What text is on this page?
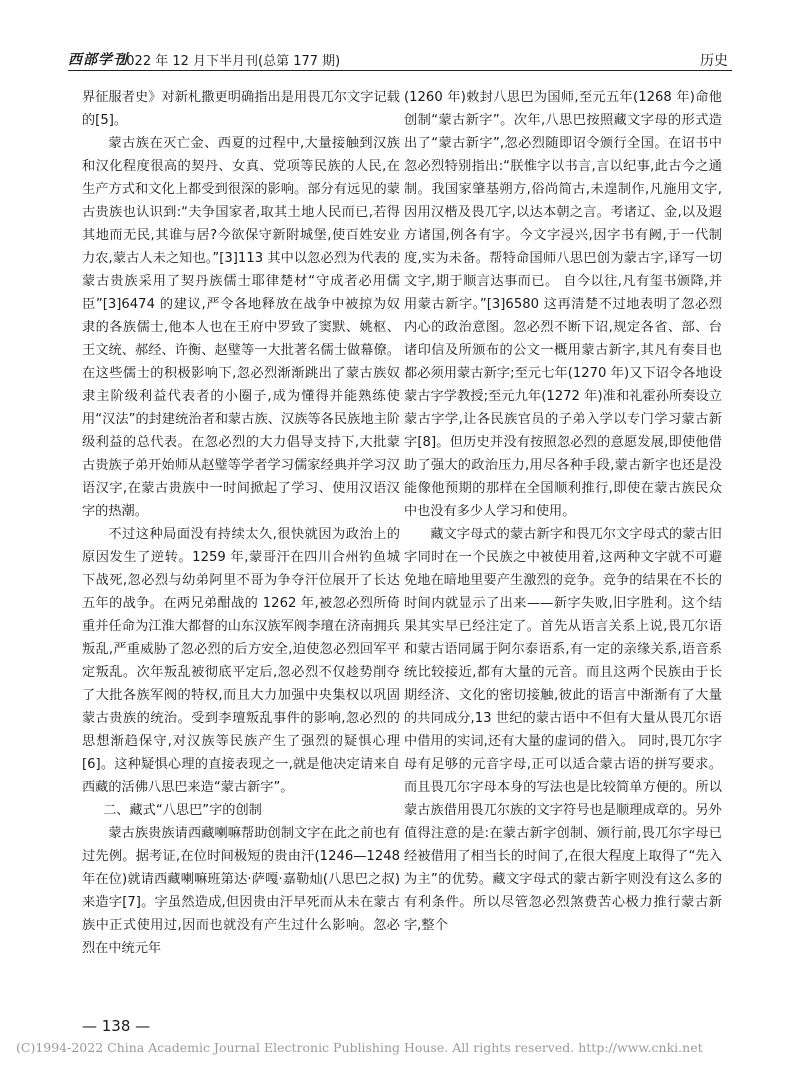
西部学刊
2022 年 12 月下半月刊(总第 177 期)	历史

界征服者史》对新札撒更明确指出是用畏兀尔文字记载的[5]。

蒙古族在灭亡金、西夏的过程中,大量接触到汉族和汉化程度很高的契丹、女真、党项等民族的人民,在生产方式和文化上都受到很深的影响。部分有远见的蒙古贵族也认识到:“夫争国家者,取其土地人民而已,若得其地而无民,其谁与居?今欲保守新附城堡,使百姓安业力农,蒙古人未之知也。”[3]113 其中以忽必烈为代表的蒙古贵族采用了契丹族儒士耶律楚材“守成者必用儒臣”[3]6474 的建议,严令各地释放在战争中被掠为奴隶的各族儒士,他本人也在王府中罗致了窦默、姚枢、王文统、郝经、许衡、赵璧等一大批著名儒士做幕僚。在这些儒士的积极影响下,忽必烈渐渐跳出了蒙古族奴隶主阶级利益代表者的小圈子,成为懂得并能熟练使用“汉法”的封建统治者和蒙古族、汉族等各民族地主阶级利益的总代表。在忽必烈的大力倡导支持下,大批蒙古贵族子弟开始师从赵璧等学者学习儒家经典并学习汉语汉字,在蒙古贵族中一时间掀起了学习、使用汉语汉字的热潮。

不过这种局面没有持续太久,很快就因为政治上的原因发生了逆转。1259 年,蒙哥汗在四川合州钓鱼城下战死,忽必烈与幼弟阿里不哥为争夺汗位展开了长达五年的战争。在两兄弟酣战的 1262 年,被忽必烈所倚重并任命为江淮大都督的山东汉族军阀李璮在济南拥兵叛乱,严重威胁了忽必烈的后方安全,迫使忽必烈回军平定叛乱。次年叛乱被彻底平定后,忽必烈不仅趁势削夺了大批各族军阀的特权,而且大力加强中央集权以巩固蒙古贵族的统治。受到李璮叛乱事件的影响,忽必烈的思想渐趋保守,对汉族等民族产生了强烈的疑惧心理[6]。这种疑惧心理的直接表现之一,就是他决定请来自西藏的活佛八思巴来造“蒙古新字”。

二、藏式“八思巴”字的创制

蒙古族贵族请西藏喇嘛帮助创制文字在此之前也有过先例。据考证,在位时间极短的贵由汗(1246—1248 年在位)就请西藏喇嘛班第达·萨嘎·嘉勒灿(八思巴之叔)来造字[7]。字虽然造成,但因贵由汗早死而从未在蒙古族中正式使用过,因而也就没有产生过什么影响。忽必烈在中统元年

(1260 年)敕封八思巴为国师,至元五年(1268 年)命他创制“蒙古新字”。次年,八思巴按照藏文字母的形式造出了“蒙古新字”,忽必烈随即诏令颁行全国。在诏书中忽必烈特别指出:“朕惟字以书言,言以纪事,此古今之通制。我国家肇基朔方,俗尚简古,未遑制作,凡施用文字,因用汉楷及畏兀字,以达本朝之言。考诸辽、金,以及遐方诸国,例各有字。今文字浸兴,因字书有阙,于一代制度,实为未备。帮特命国师八思巴创为蒙古字,译写一切文字,期于顺言达事而已。 自今以往,凡有玺书颁降,并用蒙古新字。”[3]6580 这再清楚不过地表明了忽必烈内心的政治意图。忽必烈不断下诏,规定各省、部、台诸印信及所颁布的公文一概用蒙古新字,其凡有奏目也都必须用蒙古新字;至元七年(1270 年)又下诏令各地设蒙古字学教授;至元九年(1272 年)准和礼霍孙所奏设立蒙古字学,让各民族官员的子弟入学以专门学习蒙古新字[8]。但历史并没有按照忽必烈的意愿发展,即使他借助了强大的政治压力,用尽各种手段,蒙古新字也还是没能像他预期的那样在全国顺利推行,即使在蒙古族民众中也没有多少人学习和使用。

藏文字母式的蒙古新字和畏兀尔文字母式的蒙古旧字同时在一个民族之中被使用着,这两种文字就不可避免地在暗地里要产生激烈的竞争。竞争的结果在不长的时间内就显示了出来——新字失败,旧字胜利。这个结果其实早已经注定了。首先从语言关系上说,畏兀尔语和蒙古语同属于阿尔泰语系,有一定的亲缘关系,语音系统比较接近,都有大量的元音。而且这两个民族由于长期经济、文化的密切接触,彼此的语言中渐渐有了大量的共同成分,13 世纪的蒙古语中不但有大量从畏兀尔语中借用的实词,还有大量的虚词的借入。 同时,畏兀尔字母有足够的元音字母,正可以适合蒙古语的拼写要求。而且畏兀尔字母本身的写法也是比较简单方便的。所以蒙古族借用畏兀尔族的文字符号也是顺理成章的。另外值得注意的是:在蒙古新字创制、颁行前,畏兀尔字母已经被借用了相当长的时间了,在很大程度上取得了“先入为主”的优势。藏文字母式的蒙古新字则没有这么多的有利条件。所以尽管忽必烈煞费苦心极力推行蒙古新字,整个

— 138 —
(C)1994-2022 China Academic Journal Electronic Publishing House. All rights reserved. http://www.cnki.net
